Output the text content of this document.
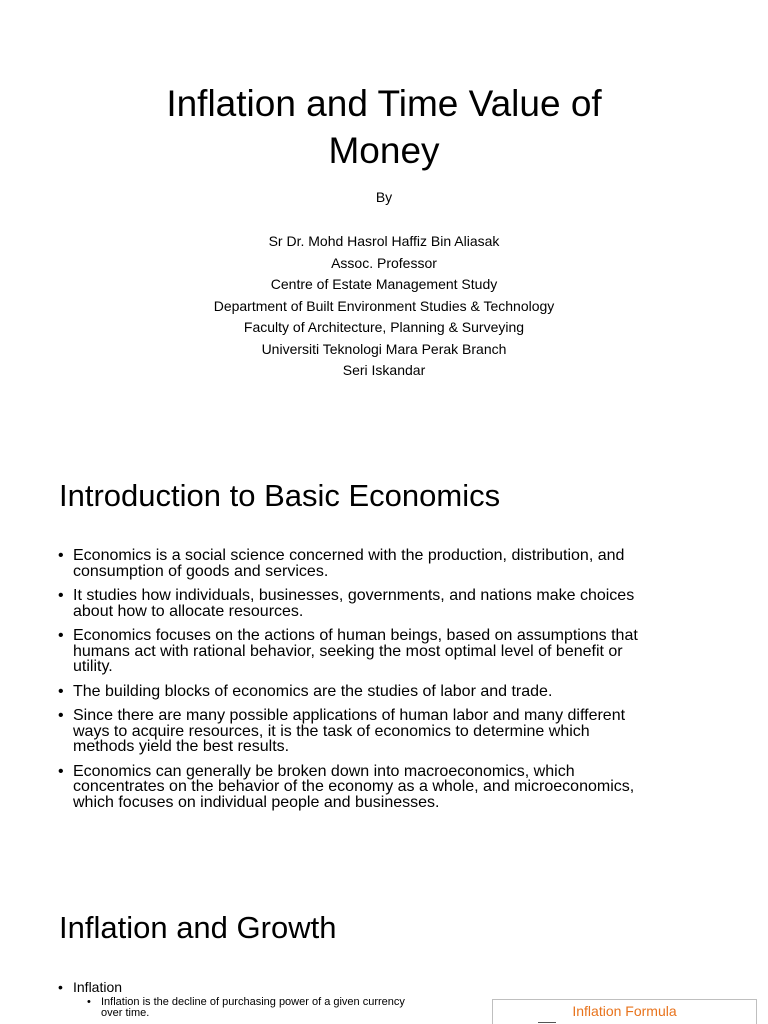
Inflation and Time Value of
Money
By
Sr Dr. Mohd Hasrol Haffiz Bin Aliasak
Assoc. Professor
Centre of Estate Management Study
Department of Built Environment Studies & Technology
Faculty of Architecture, Planning & Surveying
Universiti Teknologi Mara Perak Branch
Seri Iskandar
Introduction to Basic Economics
• Economics is a social science concerned with the production, distribution, and
consumption of goods and services.
• It studies how individuals, businesses, governments, and nations make choices
about how to allocate resources.
• Economics focuses on the actions of human beings, based on assumptions that
humans act with rational behavior, seeking the most optimal level of benefit or
utility.
• The building blocks of economics are the studies of labor and trade.
• Since there are many possible applications of human labor and many different
ways to acquire resources, it is the task of economics to determine which
methods yield the best results.
• Economics can generally be broken down into macroeconomics, which
concentrates on the behavior of the economy as a whole, and microeconomics,
which focuses on individual people and businesses.
Inflation and Growth
• Inflation
• Inflation is the decline of purchasing power of a given currency
over time.	Inflation Formula
